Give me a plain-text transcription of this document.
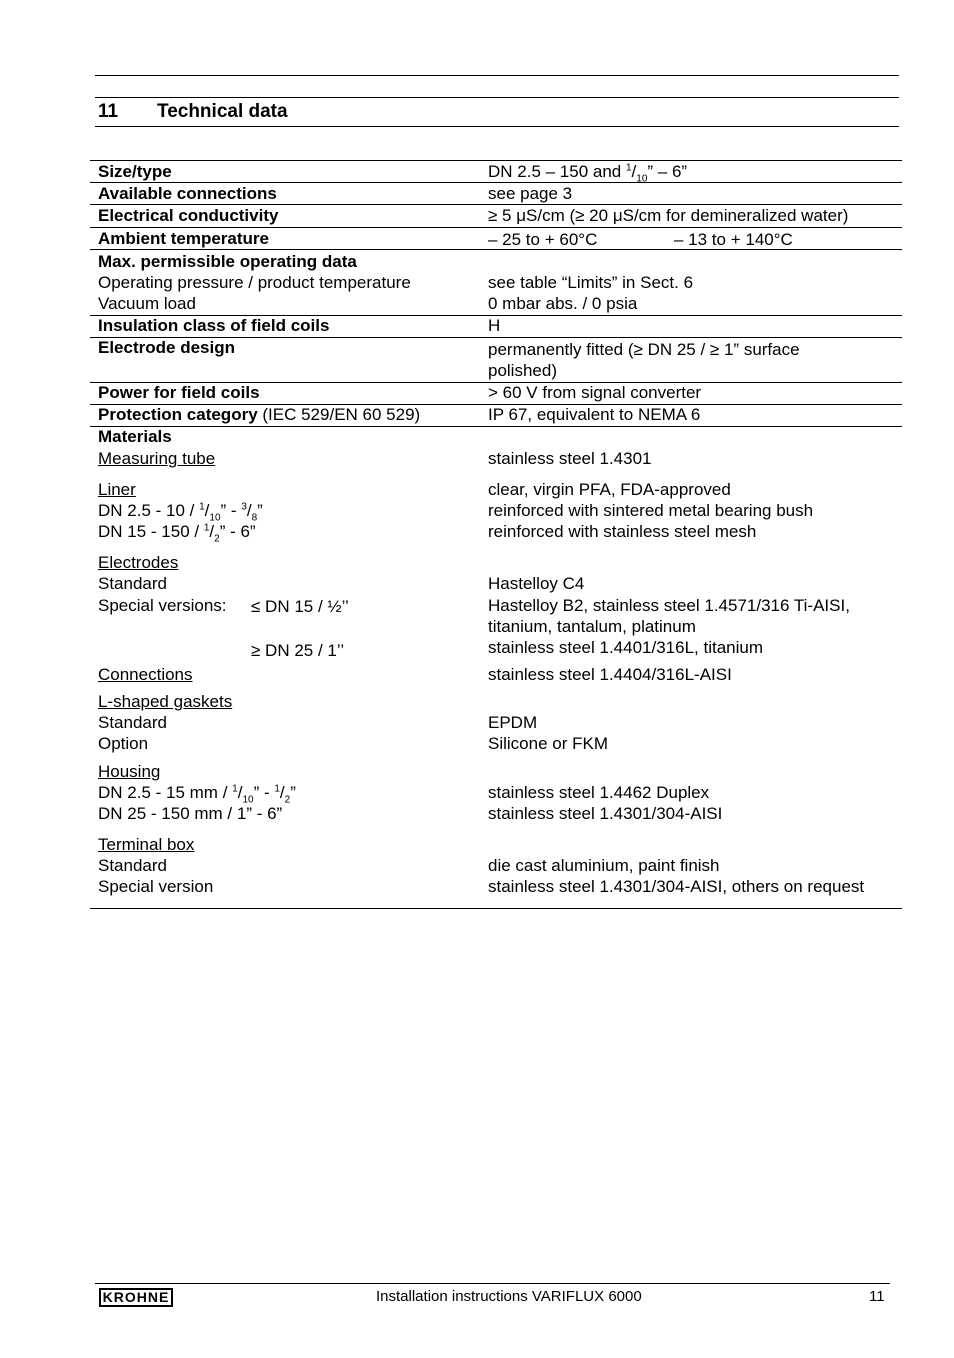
11 Technical data
Size/type	DN 2.5 – 150 and $^1/_{10}$” – 6”
Available connections	see page 3
Electrical conductivity	≥ 5 μS/cm (≥ 20 μS/cm for demineralized water)
Ambient temperature	– 25 to + 60°C	– 13 to + 140°C
Max. permissible operating data
Operating pressure / product temperature	see table “Limits” in Sect. 6
Vacuum load	0 mbar abs. / 0 psia
Insulation class of field coils	H
Electrode design	permanently fitted (≥ DN 25 / ≥ 1” surface
polished)
Power for field coils	> 60 V from signal converter
Protection category (IEC 529/EN 60 529)	IP 67, equivalent to NEMA 6
Materials
Measuring tube	stainless steel 1.4301
Liner	clear, virgin PFA, FDA-approved
DN $2.5 - 10 / ^1/_{10}$” - $^3/_8$”	reinforced with sintered metal bearing bush
DN $15 - 150 / ^1/_2$” - 6”	reinforced with stainless steel mesh
Electrodes
Standard	Hastelloy C4
Special versions: ≤ DN 15 / ½’’	Hastelloy B2, stainless steel 1.4571/316 Ti-AISI,
titanium, tantalum, platinum
≥ DN 25 / 1’’	stainless steel 1.4401/316L, titanium
Connections	stainless steel 1.4404/316L-AISI
L-shaped gaskets
Standard	EPDM
Option	Silicone or FKM
Housing
DN 2.5 - 15 mm / $^1/_{10}$” - $^1/_2$”	stainless steel 1.4462 Duplex
DN 25 - 150 mm / 1” - 6”	stainless steel 1.4301/304-AISI
Terminal box
Standard	die cast aluminium, paint finish
Special version	stainless steel 1.4301/304-AISI, others on request
KROHNE	Installation instructions VARIFLUX 6000	11
